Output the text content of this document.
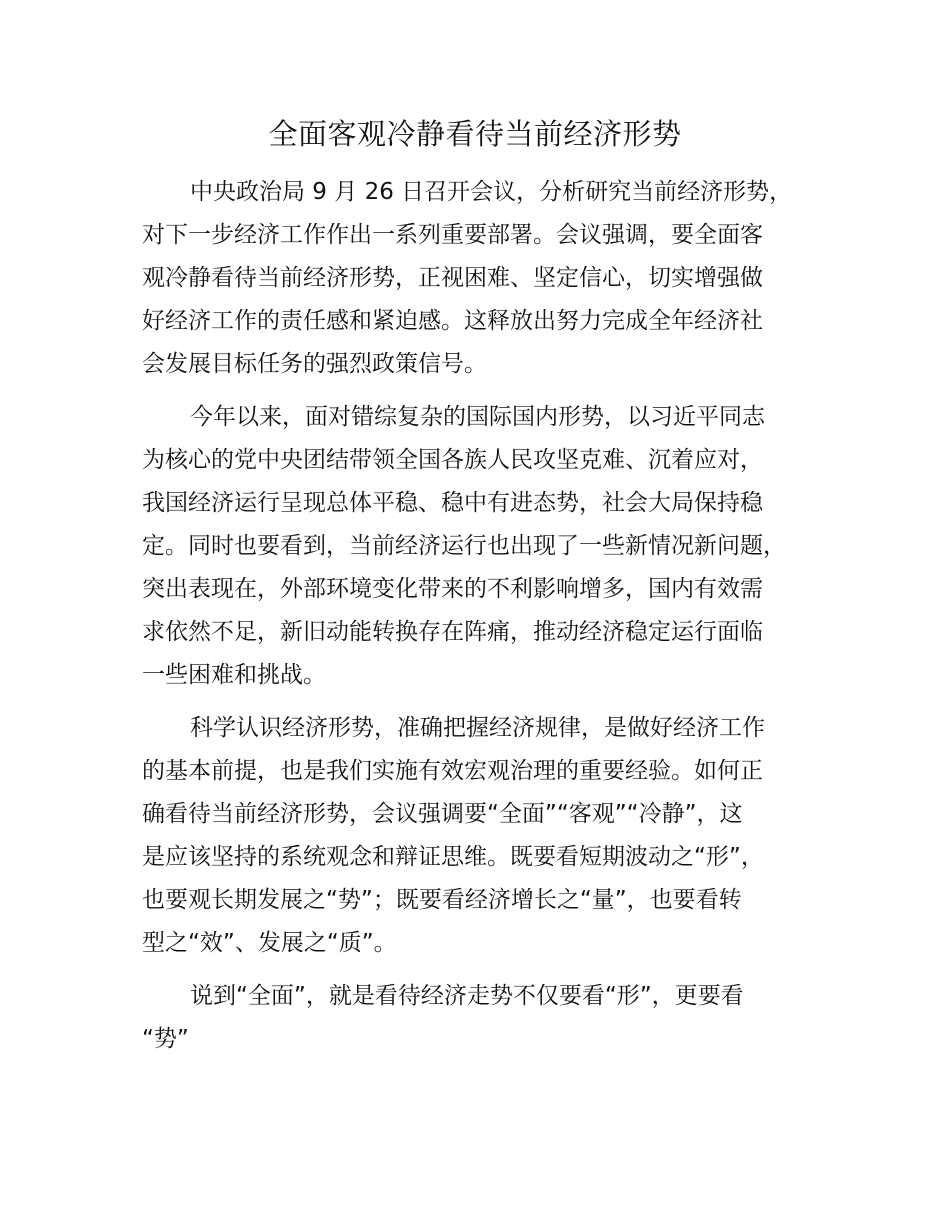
全面客观冷静看待当前经济形势
中央政治局 9 月 26 日召开会议，分析研究当前经济形势，
对下一步经济工作作出一系列重要部署。会议强调，要全面客
观冷静看待当前经济形势，正视困难、坚定信心，切实增强做
好经济工作的责任感和紧迫感。这释放出努力完成全年经济社
会发展目标任务的强烈政策信号。
今年以来，面对错综复杂的国际国内形势，以习近平同志
为核心的党中央团结带领全国各族人民攻坚克难、沉着应对，
我国经济运行呈现总体平稳、稳中有进态势，社会大局保持稳
定。同时也要看到，当前经济运行也出现了一些新情况新问题，
突出表现在，外部环境变化带来的不利影响增多，国内有效需
求依然不足，新旧动能转换存在阵痛，推动经济稳定运行面临
一些困难和挑战。
科学认识经济形势，准确把握经济规律，是做好经济工作
的基本前提，也是我们实施有效宏观治理的重要经验。如何正
确看待当前经济形势，会议强调要“全面”“客观”“冷静”，这
是应该坚持的系统观念和辩证思维。既要看短期波动之“形”，
也要观长期发展之“势”；既要看经济增长之“量”，也要看转
型之“效”、发展之“质”。
说到“全面”，就是看待经济走势不仅要看“形”，更要看
“势”
